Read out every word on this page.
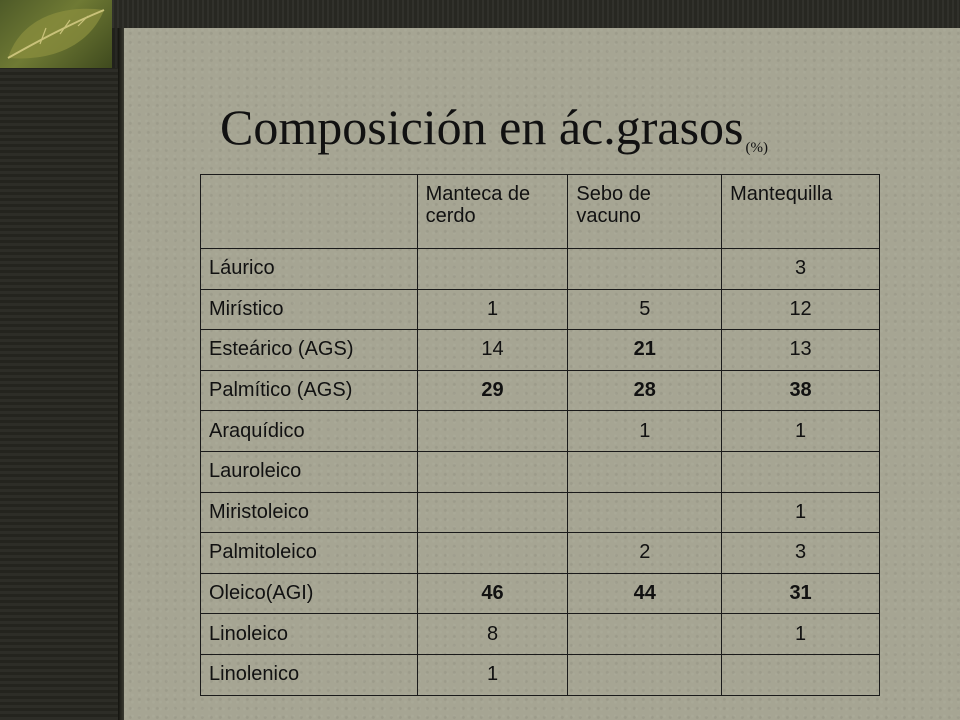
Composición en ác.grasos $_{(\%)}$
	Manteca de cerdo	Sebo de vacuno	Mantequilla
Láurico			3
Mirístico	1	5	12
Esteárico (AGS)	14	21	13
Palmítico (AGS)	29	28	38
Araquídico		1	1
Lauroleico			
Miristoleico			1
Palmitoleico		2	3
Oleico(AGI)	46	44	31
Linoleico	8		1
Linolenico	1		
